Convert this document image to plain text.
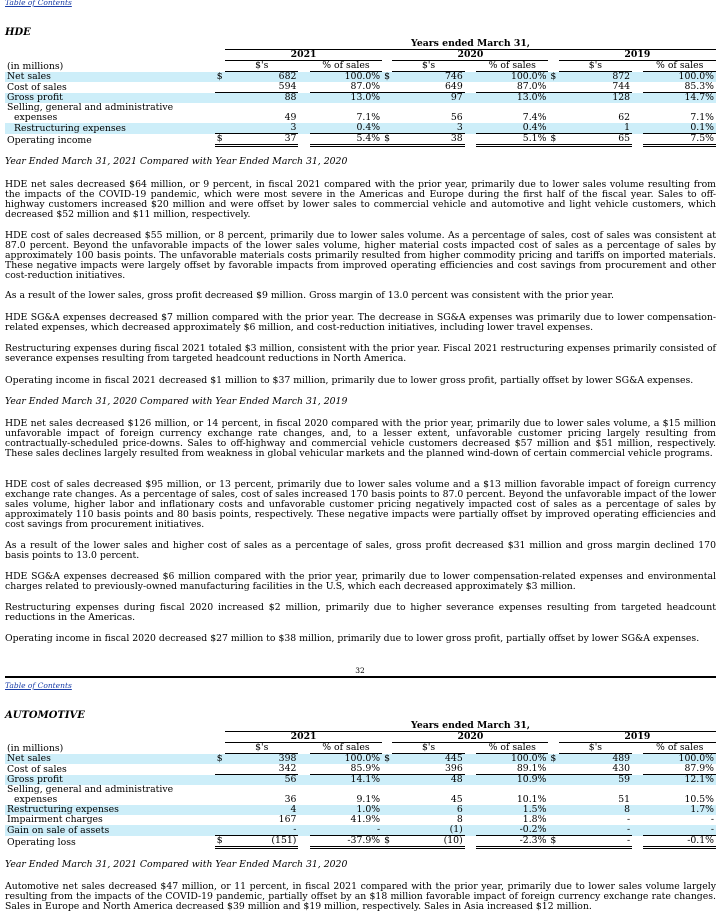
Table of Contents
HDE
		Years ended March 31,										
		2021				2020				2019		
(in millions)		$'s		% of sales		$'s		% of sales		$'s		% of sales
Net sales	$	682		100.0%	$	746		100.0%	$	872		100.0%
Cost of sales		594		87.0%		649		87.0%		744		85.3%
Gross profit		88		13.0%		97		13.0%		128		14.7%
Selling, general and administrative												
expenses		49		7.1%		56		7.4%		62		7.1%
Restructuring expenses		3		0.4%		3		0.4%		1		0.1%
Operating income	$	37		5.4%	$	38		5.1%	$	65		7.5%

Year Ended March 31, 2021 Compared with Year Ended March 31, 2020

HDE net sales decreased $64 million, or 9 percent, in fiscal 2021 compared with the prior year, primarily due to lower sales volume resulting from the impacts of the COVID-19 pandemic, which were most severe in the Americas and Europe during the first half of the fiscal year. Sales to off-highway customers increased $20 million and were offset by lower sales to commercial vehicle and automotive and light vehicle customers, which decreased $52 million and $11 million, respectively.

HDE cost of sales decreased $55 million, or 8 percent, primarily due to lower sales volume. As a percentage of sales, cost of sales was consistent at 87.0 percent. Beyond the unfavorable impacts of the lower sales volume, higher material costs impacted cost of sales as a percentage of sales by approximately 100 basis points. The unfavorable materials costs primarily resulted from higher commodity pricing and tariffs on imported materials. These negative impacts were largely offset by favorable impacts from improved operating efficiencies and cost savings from procurement and other cost-reduction initiatives.

As a result of the lower sales, gross profit decreased $9 million. Gross margin of 13.0 percent was consistent with the prior year.

HDE SG&A expenses decreased $7 million compared with the prior year. The decrease in SG&A expenses was primarily due to lower compensation-related expenses, which decreased approximately $6 million, and cost-reduction initiatives, including lower travel expenses.

Restructuring expenses during fiscal 2021 totaled $3 million, consistent with the prior year. Fiscal 2021 restructuring expenses primarily consisted of severance expenses resulting from targeted headcount reductions in North America.

Operating income in fiscal 2021 decreased $1 million to $37 million, primarily due to lower gross profit, partially offset by lower SG&A expenses.

Year Ended March 31, 2020 Compared with Year Ended March 31, 2019

HDE net sales decreased $126 million, or 14 percent, in fiscal 2020 compared with the prior year, primarily due to lower sales volume, a $15 million unfavorable impact of foreign currency exchange rate changes, and, to a lesser extent, unfavorable customer pricing largely resulting from contractually-scheduled price-downs. Sales to off-highway and commercial vehicle customers decreased $57 million and $51 million, respectively. These sales declines largely resulted from weakness in global vehicular markets and the planned wind-down of certain commercial vehicle programs.

HDE cost of sales decreased $95 million, or 13 percent, primarily due to lower sales volume and a $13 million favorable impact of foreign currency exchange rate changes. As a percentage of sales, cost of sales increased 170 basis points to 87.0 percent. Beyond the unfavorable impact of the lower sales volume, higher labor and inflationary costs and unfavorable customer pricing negatively impacted cost of sales as a percentage of sales by approximately 110 basis points and 80 basis points, respectively. These negative impacts were partially offset by improved operating efficiencies and cost savings from procurement initiatives.

As a result of the lower sales and higher cost of sales as a percentage of sales, gross profit decreased $31 million and gross margin declined 170 basis points to 13.0 percent.

HDE SG&A expenses decreased $6 million compared with the prior year, primarily due to lower compensation-related expenses and environmental charges related to previously-owned manufacturing facilities in the U.S, which each decreased approximately $3 million.

Restructuring expenses during fiscal 2020 increased $2 million, primarily due to higher severance expenses resulting from targeted headcount reductions in the Americas.

Operating income in fiscal 2020 decreased $27 million to $38 million, primarily due to lower gross profit, partially offset by lower SG&A expenses.

32
Table of Contents
AUTOMOTIVE
		Years ended March 31,										
		2021				2020				2019		
(in millions)		$'s		% of sales		$'s		% of sales		$'s		% of sales
Net sales	$	398		100.0%	$	445		100.0%	$	489		100.0%
Cost of sales		342		85.9%		396		89.1%		430		87.9%
Gross profit		56		14.1%		48		10.9%		59		12.1%
Selling, general and administrative												
expenses		36		9.1%		45		10.1%		51		10.5%
Restructuring expenses		4		1.0%		6		1.5%		8		1.7%
Impairment charges		167		41.9%		8		1.8%		-		-
Gain on sale of assets		-		-		(1)		-0.2%		-		-
Operating loss	$	(151)		-37.9%	$	(10)		-2.3%	$	-		-0.1%

Year Ended March 31, 2021 Compared with Year Ended March 31, 2020

Automotive net sales decreased $47 million, or 11 percent, in fiscal 2021 compared with the prior year, primarily due to lower sales volume largely resulting from the impacts of the COVID-19 pandemic, partially offset by an $18 million favorable impact of foreign currency exchange rate changes. Sales in Europe and North America decreased $39 million and $19 million, respectively. Sales in Asia increased $12 million.
